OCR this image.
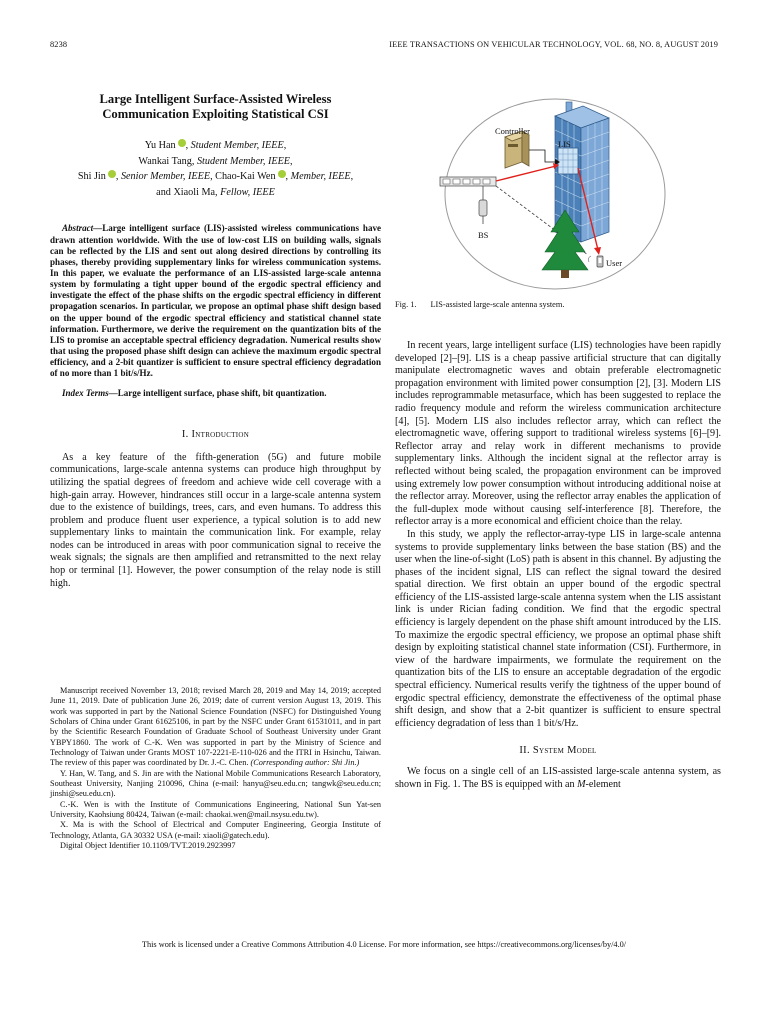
8238	IEEE TRANSACTIONS ON VEHICULAR TECHNOLOGY, VOL. 68, NO. 8, AUGUST 2019
Large Intelligent Surface-Assisted Wireless
Communication Exploiting Statistical CSI
Yu Han , Student Member, IEEE,
Wankai Tang, Student Member, IEEE,
Shi Jin , Senior Member, IEEE, Chao-Kai Wen , Member, IEEE,
and Xiaoli Ma, Fellow, IEEE
Abstract—Large intelligent surface (LIS)-assisted wireless communications have drawn attention worldwide. With the use of low-cost LIS on building walls, signals can be reflected by the LIS and sent out along desired directions by controlling its phases, thereby providing supplementary links for wireless communication systems. In this paper, we evaluate the performance of an LIS-assisted large-scale antenna system by formulating a tight upper bound of the ergodic spectral efficiency and investigate the effect of the phase shifts on the ergodic spectral efficiency in different propagation scenarios. In particular, we propose an optimal phase shift design based on the upper bound of the ergodic spectral efficiency and statistical channel state information. Furthermore, we derive the requirement on the quantization bits of the LIS to promise an acceptable spectral efficiency degradation. Numerical results show that using the proposed phase shift design can achieve the maximum ergodic spectral efficiency, and a 2-bit quantizer is sufficient to ensure spectral efficiency degradation of no more than 1 bit/s/Hz.
Index Terms—Large intelligent surface, phase shift, bit quantization.
I. Introduction

As a key feature of the fifth-generation (5G) and future mobile communications, large-scale antenna systems can produce high throughput by utilizing the spatial degrees of freedom and achieve wide cell coverage with a high-gain array. However, hindrances still occur in a large-scale antenna system due to the existence of buildings, trees, cars, and even humans. To address this problem and produce fluent user experience, a typical solution is to add new supplementary links to maintain the communication link. For example, relay nodes can be introduced in areas with poor communication signal to receive the weak signals; the signals are then amplified and retransmitted to the next relay hop or terminal [1]. However, the power consumption of the relay node is still high.

Manuscript received November 13, 2018; revised March 28, 2019 and May 14, 2019; accepted June 11, 2019. Date of publication June 26, 2019; date of current version August 13, 2019. This work was supported in part by the National Science Foundation (NSFC) for Distinguished Young Scholars of China under Grant 61625106, in part by the NSFC under Grant 61531011, and in part by the Scientific Research Foundation of Graduate School of Southeast University under Grant YBPY1860. The work of C.-K. Wen was supported in part by the Ministry of Science and Technology of Taiwan under Grants MOST 107-2221-E-110-026 and the ITRI in Hsinchu, Taiwan. The review of this paper was coordinated by Dr. J.-C. Chen. (Corresponding author: Shi Jin.)

Y. Han, W. Tang, and S. Jin are with the National Mobile Communications Research Laboratory, Southeast University, Nanjing 210096, China (e-mail: hanyu@seu.edu.cn; tangwk@seu.edu.cn; jinshi@seu.edu.cn).

C.-K. Wen is with the Institute of Communications Engineering, National Sun Yat-sen University, Kaohsiung 80424, Taiwan (e-mail: chaokai.wen@mail.nsysu.edu.tw).

X. Ma is with the School of Electrical and Computer Engineering, Georgia Institute of Technology, Atlanta, GA 30332 USA (e-mail: xiaoli@gatech.edu).

Digital Object Identifier 10.1109/TVT.2019.2923997

Controller
LIS
BS
User
Fig. 1. LIS-assisted large-scale antenna system.

In recent years, large intelligent surface (LIS) technologies have been rapidly developed [2]–[9]. LIS is a cheap passive artificial structure that can digitally manipulate electromagnetic waves and obtain preferable electromagnetic propagation environment with limited power consumption [2], [3]. Modern LIS includes reprogrammable metasurface, which has been suggested to replace the radio frequency module and reform the wireless communication architecture [4], [5]. Modern LIS also includes reflector array, which can reflect the electromagnetic wave, offering support to traditional wireless systems [6]–[9]. Reflector array and relay work in different mechanisms to provide supplementary links. Although the incident signal at the reflector array is reflected without being scaled, the propagation environment can be improved using extremely low power consumption without introducing additional noise at the reflector array. Moreover, using the reflector array enables the application of the full-duplex mode without causing self-interference [8]. Therefore, the reflector array is a more economical and efficient choice than the relay.

In this study, we apply the reflector-array-type LIS in large-scale antenna systems to provide supplementary links between the base station (BS) and the user when the line-of-sight (LoS) path is absent in this channel. By adjusting the phases of the incident signal, LIS can reflect the signal toward the desired spatial direction. We first obtain an upper bound of the ergodic spectral efficiency of the LIS-assisted large-scale antenna system when the LIS assistant link is under Rician fading condition. We find that the ergodic spectral efficiency is largely dependent on the phase shift amount introduced by the LIS. To maximize the ergodic spectral efficiency, we propose an optimal phase shift design by exploiting statistical channel state information (CSI). Furthermore, in view of the hardware impairments, we formulate the requirement on the quantization bits of the LIS to ensure an acceptable degradation of the ergodic spectral efficiency. Numerical results verify the tightness of the upper bound of ergodic spectral efficiency, demonstrate the effectiveness of the optimal phase shift design, and show that a 2-bit quantizer is sufficient to ensure spectral efficiency degradation of less than 1 bit/s/Hz.

II. System Model

We focus on a single cell of an LIS-assisted large-scale antenna system, as shown in Fig. 1. The BS is equipped with an M-element

This work is licensed under a Creative Commons Attribution 4.0 License. For more information, see https://creativecommons.org/licenses/by/4.0/
